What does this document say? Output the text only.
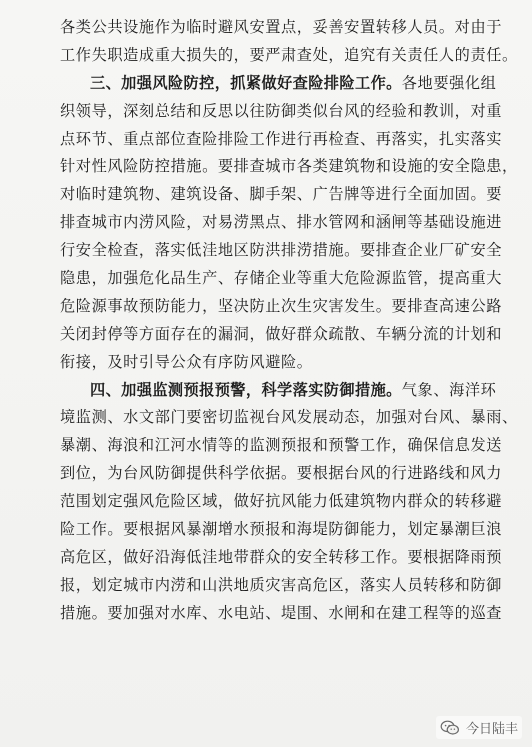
各类公共设施作为临时避风安置点，妥善安置转移人员。对由于
工作失职造成重大损失的，要严肃查处，追究有关责任人的责任。
三、加强风险防控，抓紧做好查险排险工作。各地要强化组
织领导，深刻总结和反思以往防御类似台风的经验和教训，对重
点环节、重点部位查险排险工作进行再检查、再落实，扎实落实
针对性风险防控措施。要排查城市各类建筑物和设施的安全隐患，
对临时建筑物、建筑设备、脚手架、广告牌等进行全面加固。要
排查城市内涝风险，对易涝黑点、排水管网和涵闸等基础设施进
行安全检查，落实低洼地区防洪排涝措施。要排查企业厂矿安全
隐患，加强危化品生产、存储企业等重大危险源监管，提高重大
危险源事故预防能力，坚决防止次生灾害发生。要排查高速公路
关闭封停等方面存在的漏洞，做好群众疏散、车辆分流的计划和
衔接，及时引导公众有序防风避险。
四、加强监测预报预警，科学落实防御措施。气象、海洋环
境监测、水文部门要密切监视台风发展动态，加强对台风、暴雨、
暴潮、海浪和江河水情等的监测预报和预警工作，确保信息发送
到位，为台风防御提供科学依据。要根据台风的行进路线和风力
范围划定强风危险区域，做好抗风能力低建筑物内群众的转移避
险工作。要根据风暴潮增水预报和海堤防御能力，划定暴潮巨浪
高危区，做好沿海低洼地带群众的安全转移工作。要根据降雨预
报，划定城市内涝和山洪地质灾害高危区，落实人员转移和防御
措施。要加强对水库、水电站、堤围、水闸和在建工程等的巡查
今日陆丰
